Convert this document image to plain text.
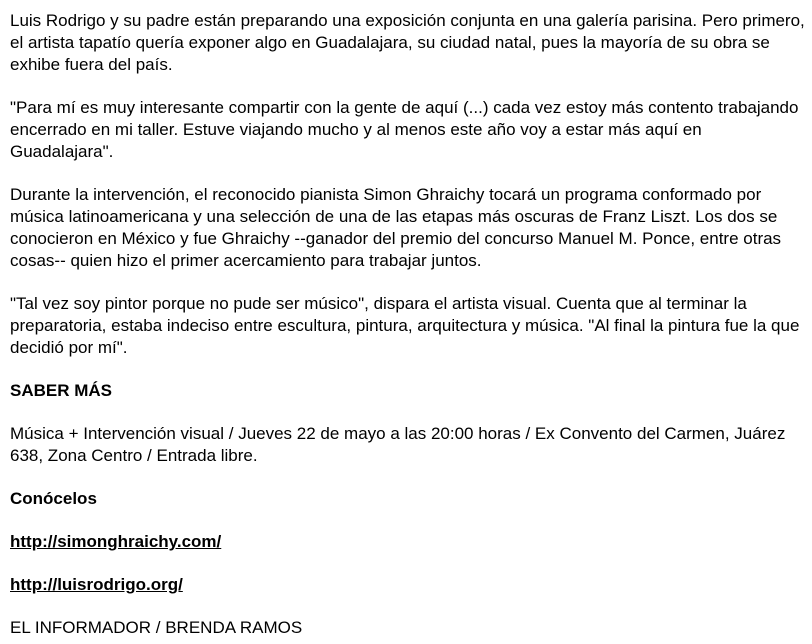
Luis Rodrigo y su padre están preparando una exposición conjunta en una galería parisina. Pero primero, el artista tapatío quería exponer algo en Guadalajara, su ciudad natal, pues la mayoría de su obra se exhibe fuera del país.

"Para mí es muy interesante compartir con la gente de aquí (...) cada vez estoy más contento trabajando encerrado en mi taller. Estuve viajando mucho y al menos este año voy a estar más aquí en Guadalajara".

Durante la intervención, el reconocido pianista Simon Ghraichy tocará un programa conformado por música latinoamericana y una selección de una de las etapas más oscuras de Franz Liszt. Los dos se conocieron en México y fue Ghraichy --ganador del premio del concurso Manuel M. Ponce, entre otras cosas-- quien hizo el primer acercamiento para trabajar juntos.

"Tal vez soy pintor porque no pude ser músico", dispara el artista visual. Cuenta que al terminar la preparatoria, estaba indeciso entre escultura, pintura, arquitectura y música. "Al final la pintura fue la que decidió por mí".

SABER MÁS

Música + Intervención visual / Jueves 22 de mayo a las 20:00 horas / Ex Convento del Carmen, Juárez 638, Zona Centro / Entrada libre.

Conócelos

http://simonghraichy.com/

http://luisrodrigo.org/

EL INFORMADOR / BRENDA RAMOS
